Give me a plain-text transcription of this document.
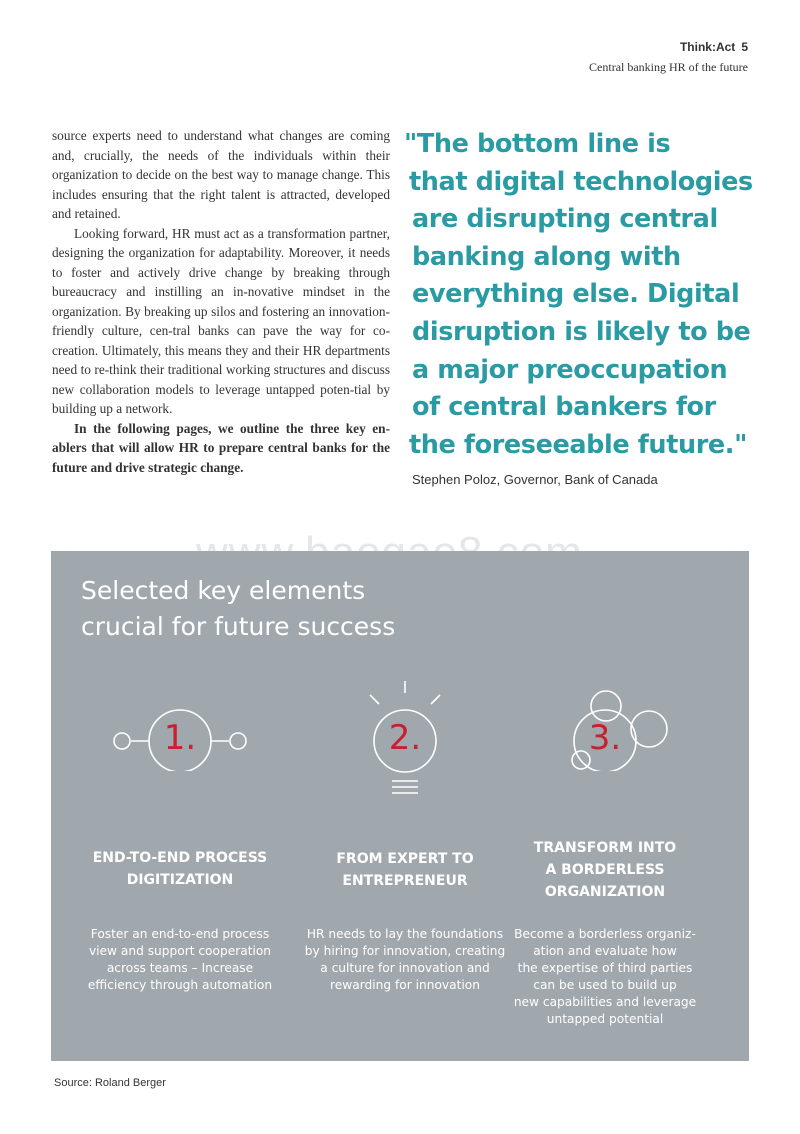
Think:Act 5
Central banking HR of the future

source experts need to understand what changes are coming and, crucially, the needs of the individuals within their organization to decide on the best way to manage change. This includes ensuring that the right talent is attracted, developed and retained.

Looking forward, HR must act as a transformation partner, designing the organization for adaptability. Moreover, it needs to foster and actively drive change by breaking through bureaucracy and instilling an in-novative mindset in the organization. By breaking up silos and fostering an innovation-friendly culture, cen-tral banks can pave the way for co-creation. Ultimately, this means they and their HR departments need to re-think their traditional working structures and discuss new collaboration models to leverage untapped poten-tial by building up a network.

In the following pages, we outline the three key en-ablers that will allow HR to prepare central banks for the future and drive strategic change.

"The bottom line is
that digital technologies
are disrupting central
banking along with
everything else. Digital
disruption is likely to be
a major preoccupation
of central bankers for
the foreseeable future."
Stephen Poloz, Governor, Bank of Canada
Selected key elements
crucial for future success
1.
END-TO-END PROCESS
DIGITIZATION
Foster an end-to-end process
view and support cooperation
across teams – Increase
efficiency through automation
2.
FROM EXPERT TO
ENTREPRENEUR
HR needs to lay the foundations
by hiring for innovation, creating
a culture for innovation and
rewarding for innovation
3.
TRANSFORM INTO
A BORDERLESS
ORGANIZATION
Become a borderless organiz-
ation and evaluate how
the expertise of third parties
can be used to build up
new capabilities and leverage
untapped potential
Source: Roland Berger
